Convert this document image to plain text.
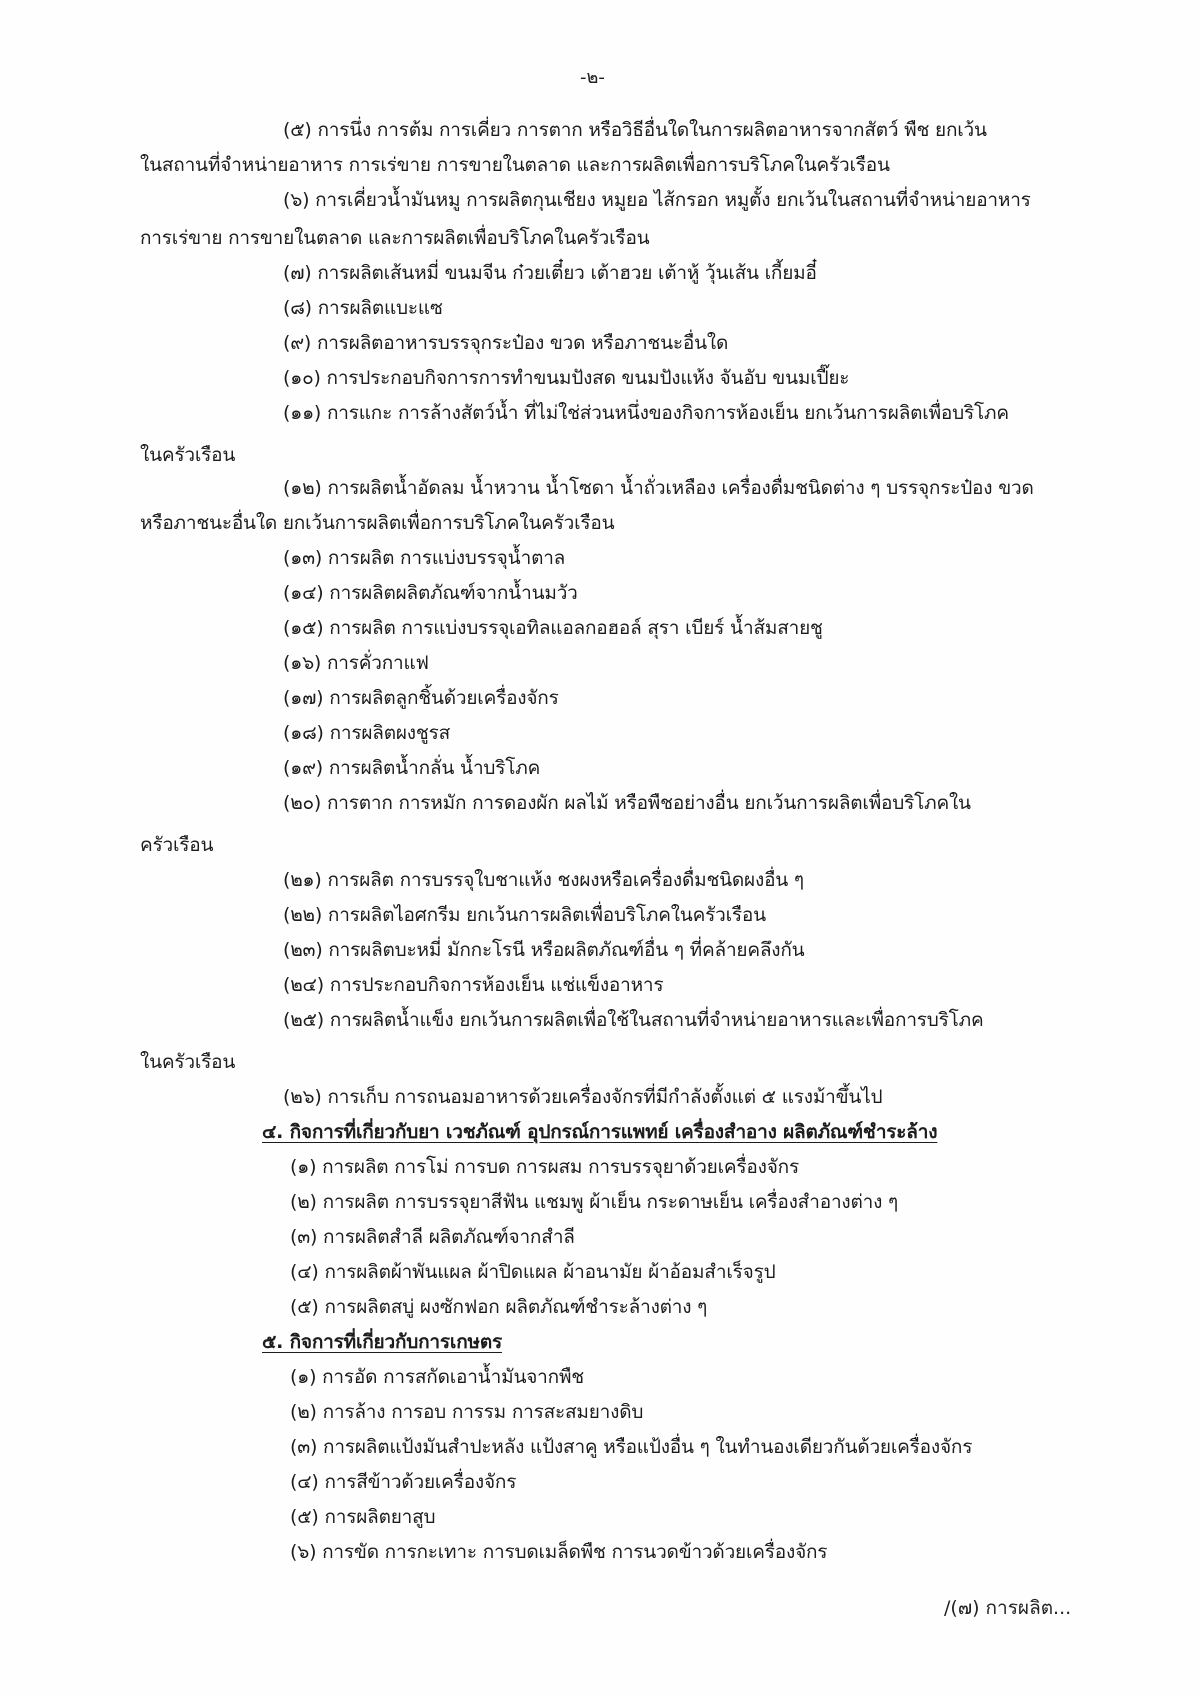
-๒-
(๕) การนึ่ง การต้ม การเคี่ยว การตาก หรือวิธีอื่นใดในการผลิตอาหารจากสัตว์ พืช ยกเว้น
ในสถานที่จำหน่ายอาหาร การเร่ขาย การขายในตลาด และการผลิตเพื่อการบริโภคในครัวเรือน
(๖) การเคี่ยวน้ำมันหมู การผลิตกุนเชียง หมูยอ ไส้กรอก หมูตั้ง ยกเว้นในสถานที่จำหน่ายอาหาร
การเร่ขาย การขายในตลาด และการผลิตเพื่อบริโภคในครัวเรือน
(๗) การผลิตเส้นหมี่ ขนมจีน ก๋วยเตี๋ยว เต้าฮวย เต้าหู้ วุ้นเส้น เกี้ยมอี๋
(๘) การผลิตแบะแซ
(๙) การผลิตอาหารบรรจุกระป๋อง ขวด หรือภาชนะอื่นใด
(๑๐) การประกอบกิจการการทำขนมปังสด ขนมปังแห้ง จันอับ ขนมเปี๊ยะ
(๑๑) การแกะ การล้างสัตว์น้ำ ที่ไม่ใช่ส่วนหนึ่งของกิจการห้องเย็น ยกเว้นการผลิตเพื่อบริโภค
ในครัวเรือน
(๑๒) การผลิตน้ำอัดลม น้ำหวาน น้ำโซดา น้ำถั่วเหลือง เครื่องดื่มชนิดต่าง ๆ บรรจุกระป๋อง ขวด
หรือภาชนะอื่นใด ยกเว้นการผลิตเพื่อการบริโภคในครัวเรือน
(๑๓) การผลิต การแบ่งบรรจุน้ำตาล
(๑๔) การผลิตผลิตภัณฑ์จากน้ำนมวัว
(๑๕) การผลิต การแบ่งบรรจุเอทิลแอลกอฮอล์ สุรา เบียร์ น้ำส้มสายชู
(๑๖) การคั่วกาแฟ
(๑๗) การผลิตลูกชิ้นด้วยเครื่องจักร
(๑๘) การผลิตผงชูรส
(๑๙) การผลิตน้ำกลั่น น้ำบริโภค
(๒๐) การตาก การหมัก การดองผัก ผลไม้ หรือพืชอย่างอื่น ยกเว้นการผลิตเพื่อบริโภคใน
ครัวเรือน
(๒๑) การผลิต การบรรจุใบชาแห้ง ชงผงหรือเครื่องดื่มชนิดผงอื่น ๆ
(๒๒) การผลิตไอศกรีม ยกเว้นการผลิตเพื่อบริโภคในครัวเรือน
(๒๓) การผลิตบะหมี่ มักกะโรนี หรือผลิตภัณฑ์อื่น ๆ ที่คล้ายคลึงกัน
(๒๔) การประกอบกิจการห้องเย็น แช่แข็งอาหาร
(๒๕) การผลิตน้ำแข็ง ยกเว้นการผลิตเพื่อใช้ในสถานที่จำหน่ายอาหารและเพื่อการบริโภค
ในครัวเรือน
(๒๖) การเก็บ การถนอมอาหารด้วยเครื่องจักรที่มีกำลังตั้งแต่ ๕ แรงม้าขึ้นไป
๔. กิจการที่เกี่ยวกับยา เวชภัณฑ์ อุปกรณ์การแพทย์ เครื่องสำอาง ผลิตภัณฑ์ชำระล้าง
(๑) การผลิต การโม่ การบด การผสม การบรรจุยาด้วยเครื่องจักร
(๒) การผลิต การบรรจุยาสีฟัน แชมพู ผ้าเย็น กระดาษเย็น เครื่องสำอางต่าง ๆ
(๓) การผลิตสำลี ผลิตภัณฑ์จากสำลี
(๔) การผลิตผ้าพันแผล ผ้าปิดแผล ผ้าอนามัย ผ้าอ้อมสำเร็จรูป
(๕) การผลิตสบู่ ผงซักฟอก ผลิตภัณฑ์ชำระล้างต่าง ๆ
๕. กิจการที่เกี่ยวกับการเกษตร
(๑) การอัด การสกัดเอาน้ำมันจากพืช
(๒) การล้าง การอบ การรม การสะสมยางดิบ
(๓) การผลิตแป้งมันสำปะหลัง แป้งสาคู หรือแป้งอื่น ๆ ในทำนองเดียวกันด้วยเครื่องจักร
(๔) การสีข้าวด้วยเครื่องจักร
(๕) การผลิตยาสูบ
(๖) การขัด การกะเทาะ การบดเมล็ดพืช การนวดข้าวด้วยเครื่องจักร
/(๗) การผลิต...
